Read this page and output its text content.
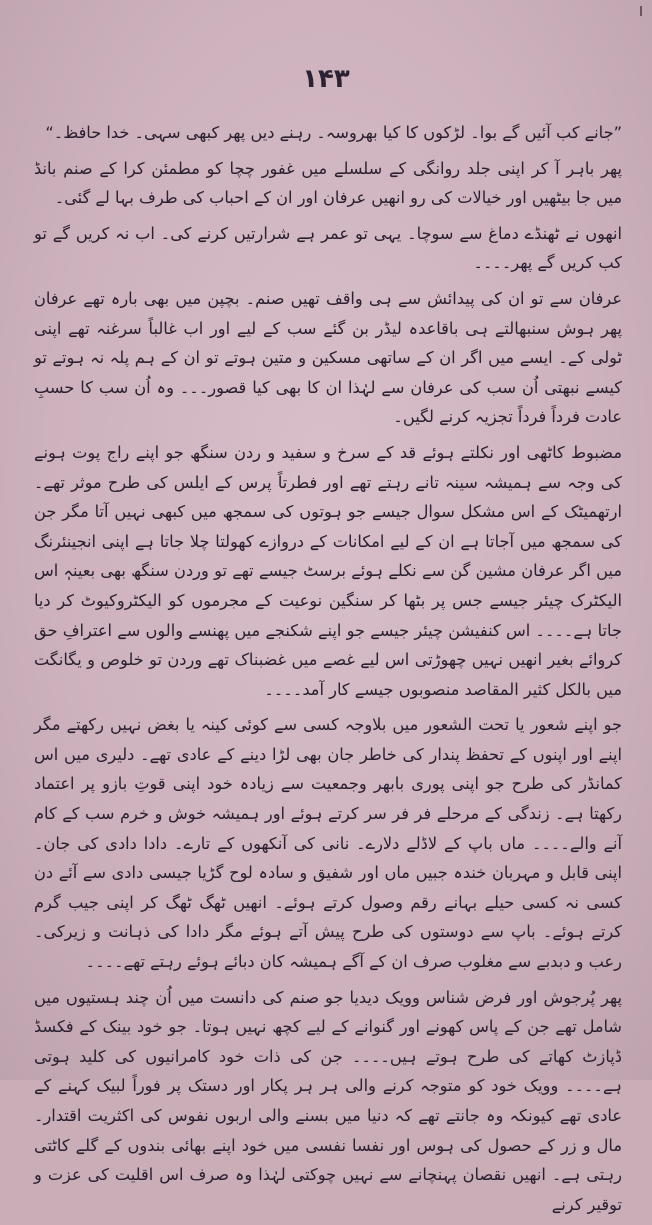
۱۴۳

”جانے کب آئیں گے بوا۔ لڑکوں کا کیا بھروسہ۔ رہنے دیں پھر کبھی سہی۔ خدا حافظ۔“

پھر باہر آ کر اپنی جلد روانگی کے سلسلے میں غفور چچا کو مطمئن کرا کے صنم بانڈ میں جا بیٹھیں اور خیالات کی رو انھیں عرفان اور ان کے احباب کی طرف بہا لے گئی۔

انھوں نے ٹھنڈے دماغ سے سوچا۔ یہی تو عمر ہے شرارتیں کرنے کی۔ اب نہ کریں گے تو کب کریں گے پھر۔۔۔۔

عرفان سے تو ان کی پیدائش سے ہی واقف تھیں صنم۔ بچپن میں بھی بارہ تھے عرفان پھر ہوش سنبھالتے ہی باقاعدہ لیڈر بن گئے سب کے لیے اور اب غالباً سرغنہ تھے اپنی ٹولی کے۔ ایسے میں اگر ان کے ساتھی مسکین و متین ہوتے تو ان کے ہم پلہ نہ ہوتے تو کیسے نبھتی اُن سب کی عرفان سے لہٰذا ان کا بھی کیا قصور۔۔۔ وہ اُن سب کا حسبِ عادت فرداً فرداً تجزیہ کرنے لگیں۔

مضبوط کاٹھی اور نکلتے ہوئے قد کے سرخ و سفید و ردن سنگھ جو اپنے راج پوت ہونے کی وجہ سے ہمیشہ سینہ تانے رہتے تھے اور فطرتاً پرس کے ایلس کی طرح موثر تھے۔ ارتھمیٹک کے اس مشکل سوال جیسے جو ہوتوں کی سمجھ میں کبھی نہیں آتا مگر جن کی سمجھ میں آجاتا ہے ان کے لیے امکانات کے دروازے کھولتا چلا جاتا ہے اپنی انجینئرنگ میں اگر عرفان مشین گن سے نکلے ہوئے برسٹ جیسے تھے تو وردن سنگھ بھی بعینہٖ اس الیکٹرک چیئر جیسے جس پر بٹھا کر سنگین نوعیت کے مجرموں کو الیکٹروکیوٹ کر دیا جاتا ہے۔۔۔۔ اس کنفیشن چیئر جیسے جو اپنے شکنجے میں پھنسے والوں سے اعترافِ حق کروائے بغیر انھیں نہیں چھوڑتی اس لیے غصے میں غضبناک تھے وردن تو خلوص و یگانگت میں بالکل کثیر المقاصد منصوبوں جیسے کار آمد۔۔۔۔

جو اپنے شعور یا تحت الشعور میں بلاوجہ کسی سے کوئی کینہ یا بغض نہیں رکھتے مگر اپنے اور اپنوں کے تحفظ پندار کی خاطر جان بھی لڑا دینے کے عادی تھے۔ دلیری میں اس کمانڈر کی طرح جو اپنی پوری بابھر وجمعیت سے زیادہ خود اپنی قوتِ بازو پر اعتماد رکھتا ہے۔ زندگی کے مرحلے فر فر سر کرتے ہوئے اور ہمیشہ خوش و خرم سب کے کام آنے والے۔۔۔۔ ماں باپ کے لاڈلے دلارے۔ نانی کی آنکھوں کے تارے۔ دادا دادی کی جان۔ اپنی قابل و مہربان خندہ جبیں ماں اور شفیق و سادہ لوح گڑیا جیسی دادی سے آئے دن کسی نہ کسی حیلے بہانے رقم وصول کرتے ہوئے۔ انھیں ٹھگ ٹھگ کر اپنی جیب گرم کرتے ہوئے۔ باپ سے دوستوں کی طرح پیش آتے ہوئے مگر دادا کی ذہانت و زیرکی۔ رعب و دبدبے سے مغلوب صرف ان کے آگے ہمیشہ کان دبائے ہوئے رہتے تھے۔۔۔۔

پھر پُرجوش اور فرض شناس وویک دیدیا جو صنم کی دانست میں اُن چند ہستیوں میں شامل تھے جن کے پاس کھونے اور گنوانے کے لیے کچھ نہیں ہوتا۔ جو خود بینک کے فکسڈ ڈپازٹ کھاتے کی طرح ہوتے ہیں۔۔۔۔ جن کی ذات خود کامرانیوں کی کلید ہوتی ہے۔۔۔۔ وویک خود کو متوجہ کرنے والی ہر ہر پکار اور دستک پر فوراً لبیک کہنے کے عادی تھے کیونکہ وہ جانتے تھے کہ دنیا میں بسنے والی اربوں نفوس کی اکثریت اقتدار۔ مال و زر کے حصول کی ہوس اور نفسا نفسی میں خود اپنے بھائی بندوں کے گلے کاٹتی رہتی ہے۔ انھیں نقصان پہنچانے سے نہیں چوکتی لہٰذا وہ صرف اس اقلیت کی عزت و توقیر کرنے
